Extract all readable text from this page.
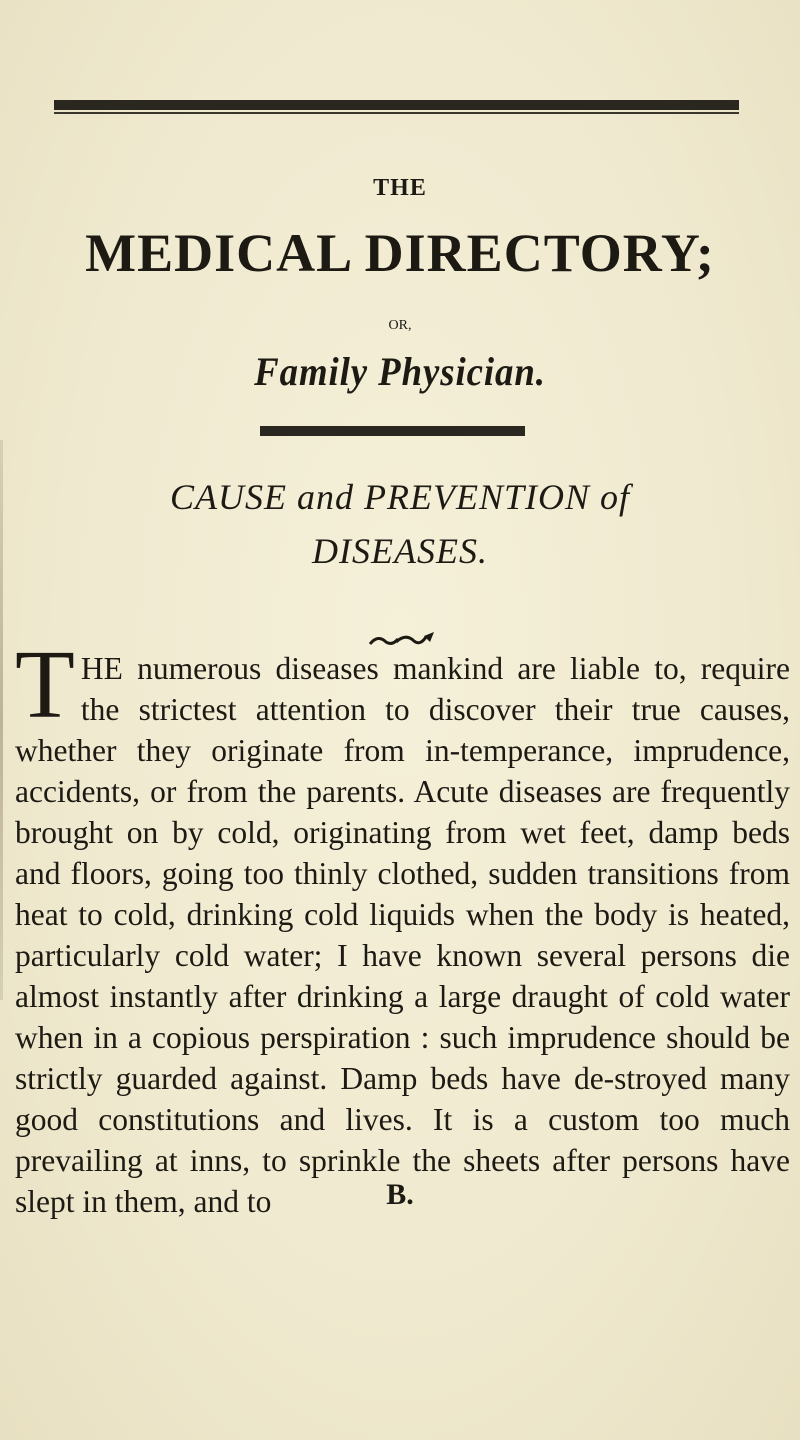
THE
MEDICAL DIRECTORY;
OR,
Family Physician.
CAUSE and PREVENTION of
DISEASES.

THE numerous diseases mankind are liable to, require the strictest attention to discover their true causes, whether they originate from in-temperance, imprudence, accidents, or from the parents. Acute diseases are frequently brought on by cold, originating from wet feet, damp beds and floors, going too thinly clothed, sudden transitions from heat to cold, drinking cold liquids when the body is heated, particularly cold water; I have known several persons die almost instantly after drinking a large draught of cold water when in a copious perspiration : such imprudence should be strictly guarded against. Damp beds have de-stroyed many good constitutions and lives. It is a custom too much prevailing at inns, to sprinkle the sheets after persons have slept in them, and to	B.
